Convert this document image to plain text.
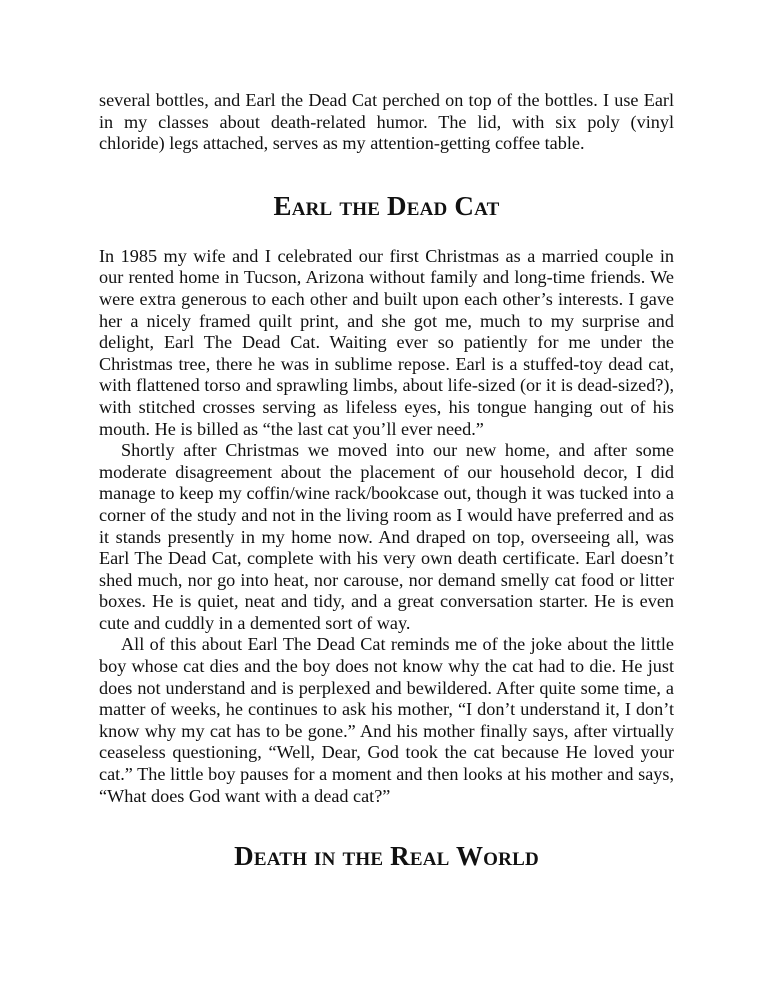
several bottles, and Earl the Dead Cat perched on top of the bottles. I use Earl in my classes about death-related humor. The lid, with six poly (vinyl chloride) legs attached, serves as my attention-getting coffee table.

Earl the Dead Cat

In 1985 my wife and I celebrated our first Christmas as a married couple in our rented home in Tucson, Arizona without family and long-time friends. We were extra generous to each other and built upon each other’s interests. I gave her a nicely framed quilt print, and she got me, much to my surprise and delight, Earl The Dead Cat. Waiting ever so patiently for me under the Christmas tree, there he was in sublime repose. Earl is a stuffed-toy dead cat, with flattened torso and sprawling limbs, about life-sized (or it is dead-sized?), with stitched crosses serving as lifeless eyes, his tongue hanging out of his mouth. He is billed as “the last cat you’ll ever need.”

Shortly after Christmas we moved into our new home, and after some moderate disagreement about the placement of our household decor, I did manage to keep my coffin/wine rack/bookcase out, though it was tucked into a corner of the study and not in the living room as I would have preferred and as it stands presently in my home now. And draped on top, overseeing all, was Earl The Dead Cat, complete with his very own death certificate. Earl doesn’t shed much, nor go into heat, nor carouse, nor demand smelly cat food or litter boxes. He is quiet, neat and tidy, and a great conversation starter. He is even cute and cuddly in a demented sort of way.

All of this about Earl The Dead Cat reminds me of the joke about the little boy whose cat dies and the boy does not know why the cat had to die. He just does not understand and is perplexed and bewildered. After quite some time, a matter of weeks, he continues to ask his mother, “I don’t understand it, I don’t know why my cat has to be gone.” And his mother finally says, after virtually ceaseless questioning, “Well, Dear, God took the cat because He loved your cat.” The little boy pauses for a moment and then looks at his mother and says, “What does God want with a dead cat?”

Death in the Real World
